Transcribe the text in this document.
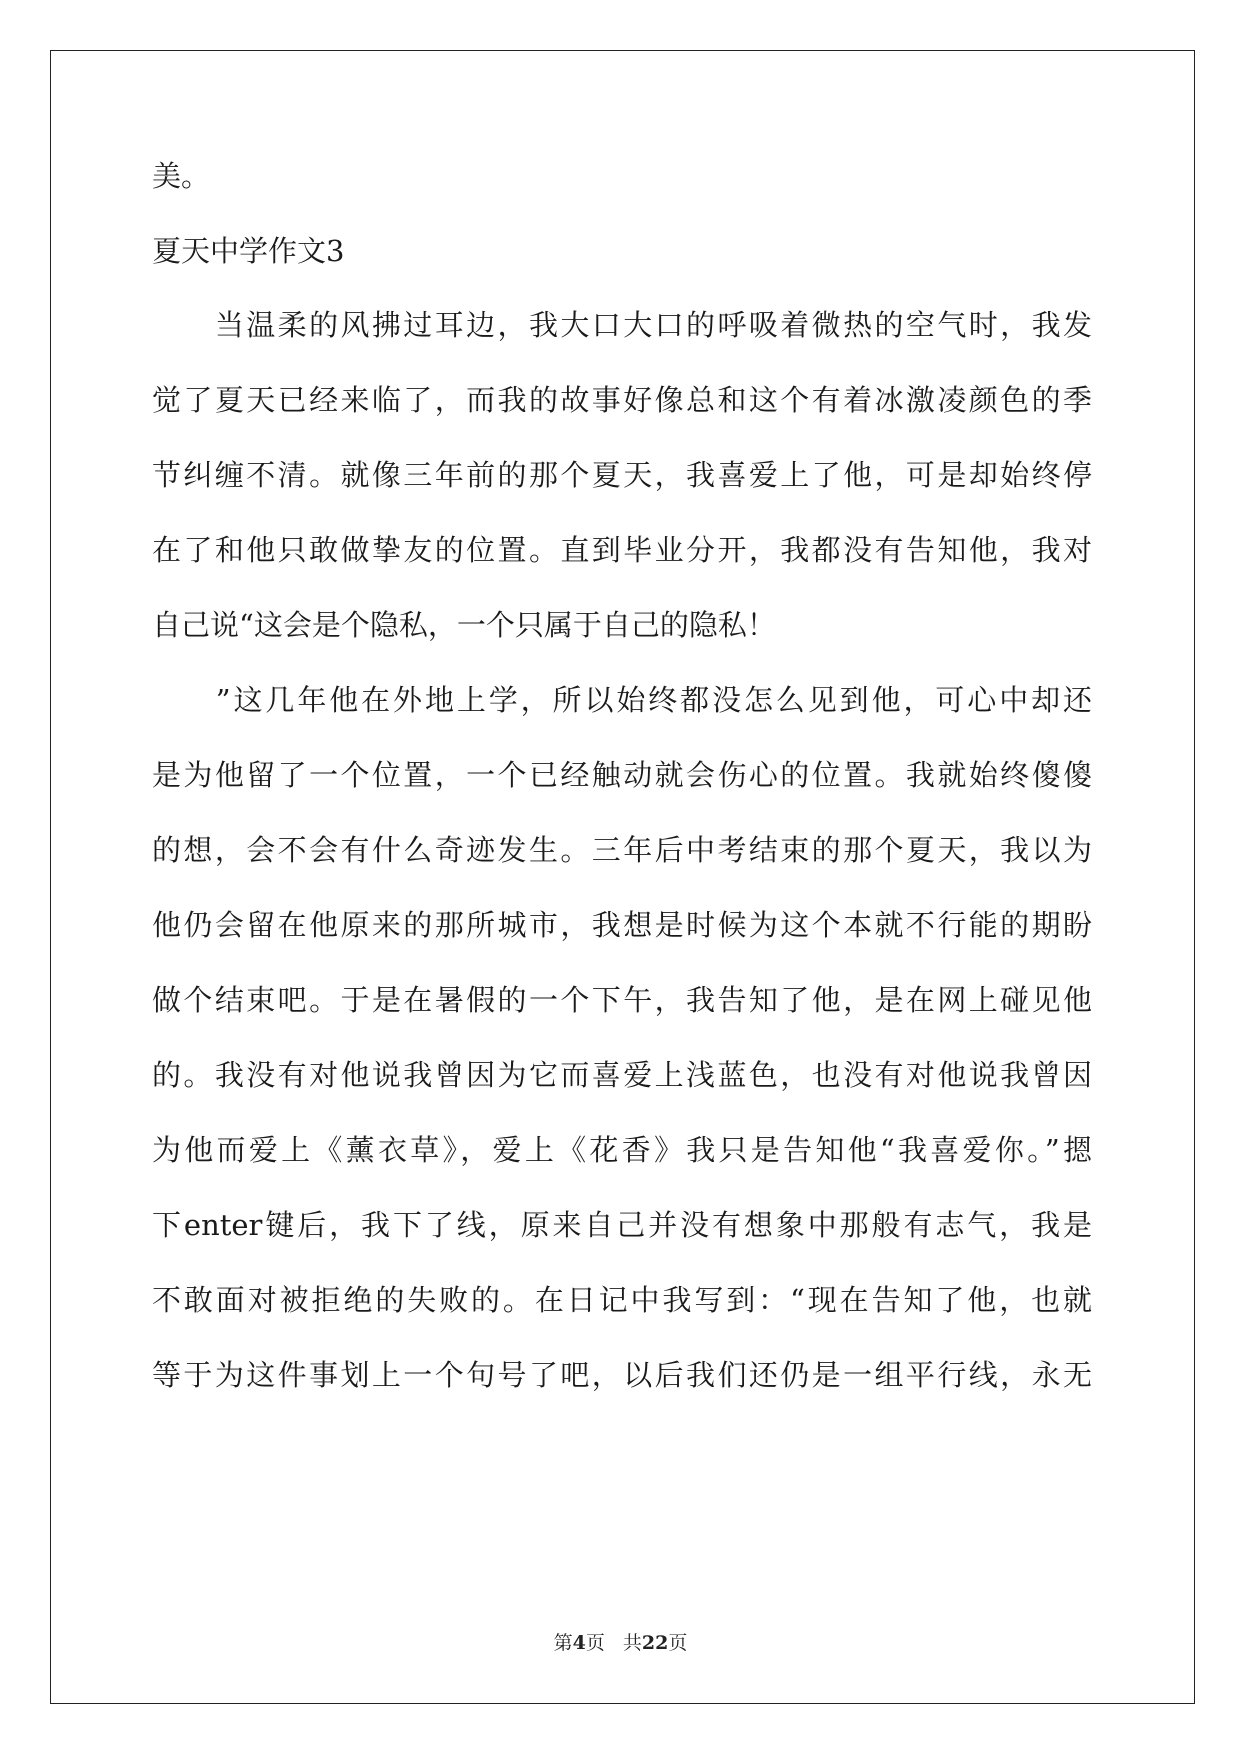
美。
夏天中学作文3
　　当温柔的风拂过耳边，我大口大口的呼吸着微热的空气时，我发
觉了夏天已经来临了，而我的故事好像总和这个有着冰激凌颜色的季
节纠缠不清。就像三年前的那个夏天，我喜爱上了他，可是却始终停
在了和他只敢做挚友的位置。直到毕业分开，我都没有告知他，我对
自己说“这会是个隐私，一个只属于自己的隐私！
　　”这几年他在外地上学，所以始终都没怎么见到他，可心中却还
是为他留了一个位置，一个已经触动就会伤心的位置。我就始终傻傻
的想，会不会有什么奇迹发生。三年后中考结束的那个夏天，我以为
他仍会留在他原来的那所城市，我想是时候为这个本就不行能的期盼
做个结束吧。于是在暑假的一个下午，我告知了他，是在网上碰见他
的。我没有对他说我曾因为它而喜爱上浅蓝色，也没有对他说我曾因
为他而爱上《薰衣草》，爱上《花香》我只是告知他“我喜爱你。”摁
下enter键后，我下了线，原来自己并没有想象中那般有志气，我是
不敢面对被拒绝的失败的。在日记中我写到：“现在告知了他，也就
等于为这件事划上一个句号了吧，以后我们还仍是一组平行线，永无
第4页 共22页
